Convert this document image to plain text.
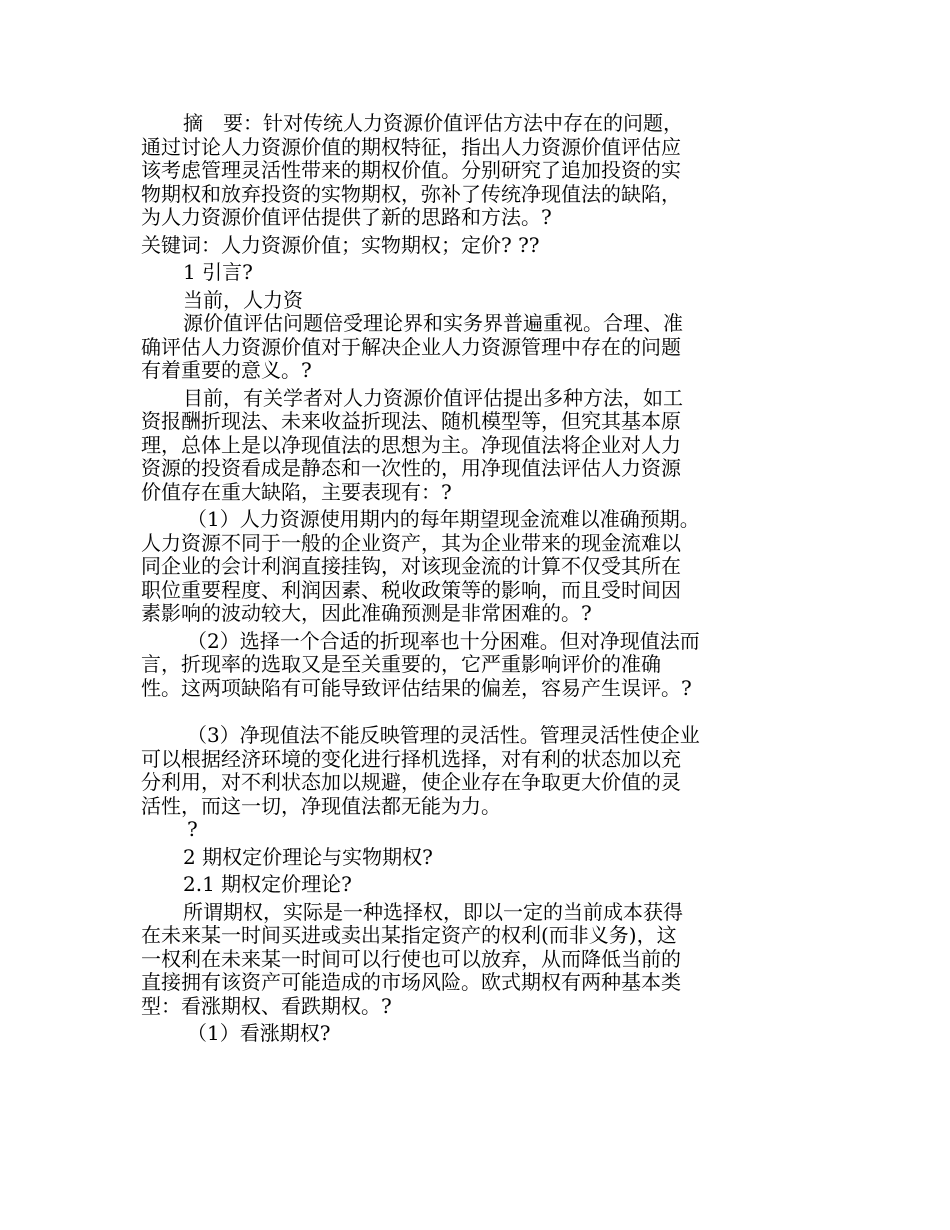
摘　要：针对传统人力资源价值评估方法中存在的问题，
通过讨论人力资源价值的期权特征，指出人力资源价值评估应
该考虑管理灵活性带来的期权价值。分别研究了追加投资的实
物期权和放弃投资的实物期权，弥补了传统净现值法的缺陷，
为人力资源价值评估提供了新的思路和方法。?
关键词：人力资源价值；实物期权；定价? ??
1 引言?
当前，人力资
源价值评估问题倍受理论界和实务界普遍重视。合理、准
确评估人力资源价值对于解决企业人力资源管理中存在的问题
有着重要的意义。?
目前，有关学者对人力资源价值评估提出多种方法，如工
资报酬折现法、未来收益折现法、随机模型等，但究其基本原
理，总体上是以净现值法的思想为主。净现值法将企业对人力
资源的投资看成是静态和一次性的，用净现值法评估人力资源
价值存在重大缺陷，主要表现有：?
（1）人力资源使用期内的每年期望现金流难以准确预期。
人力资源不同于一般的企业资产，其为企业带来的现金流难以
同企业的会计利润直接挂钩，对该现金流的计算不仅受其所在
职位重要程度、利润因素、税收政策等的影响，而且受时间因
素影响的波动较大，因此准确预测是非常困难的。?
（2）选择一个合适的折现率也十分困难。但对净现值法而
言，折现率的选取又是至关重要的，它严重影响评价的准确
性。这两项缺陷有可能导致评估结果的偏差，容易产生误评。?
（3）净现值法不能反映管理的灵活性。管理灵活性使企业
可以根据经济环境的变化进行择机选择，对有利的状态加以充
分利用，对不利状态加以规避，使企业存在争取更大价值的灵
活性，而这一切，净现值法都无能为力。
?
2 期权定价理论与实物期权?
2.1 期权定价理论?
所谓期权，实际是一种选择权，即以一定的当前成本获得
在未来某一时间买进或卖出某指定资产的权利(而非义务)，这
一权利在未来某一时间可以行使也可以放弃，从而降低当前的
直接拥有该资产可能造成的市场风险。欧式期权有两种基本类
型：看涨期权、看跌期权。?
（1）看涨期权?
